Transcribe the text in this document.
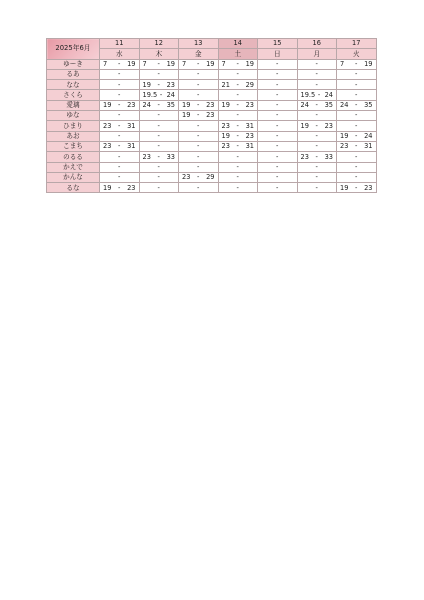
2025年6月	11	12	13	14	15	16	17
	水	木	金	土	日	月	火
ゆーき	7 - 19	7 - 19	7 - 19	7 - 19	-	-	7 - 19

るあ	-	-	-	-	-	-	-

なな	-	19 - 23	-	21 - 29	-	-	-

さくら	-	19.5 - 24	-	-	-	19.5 - 24	-

愛璃	19 - 23	24 - 35	19 - 23	19 - 23	-	24 - 35	24 - 35

ゆな	-	-	19 - 23	-	-	-	-

ひまり	23 - 31	-	-	23 - 31	-	19 - 23	-

あお	-	-	-	19 - 23	-	-	19 - 24

こまち	23 - 31	-	-	23 - 31	-	-	23 - 31

のるる	-	23 - 33	-	-	-	23 - 33	-

かえで	-	-	-	-	-	-	-

かんな	-	-	23 - 29	-	-	-	-

るな	19 - 23	-	-	-	-	-	19 - 23
